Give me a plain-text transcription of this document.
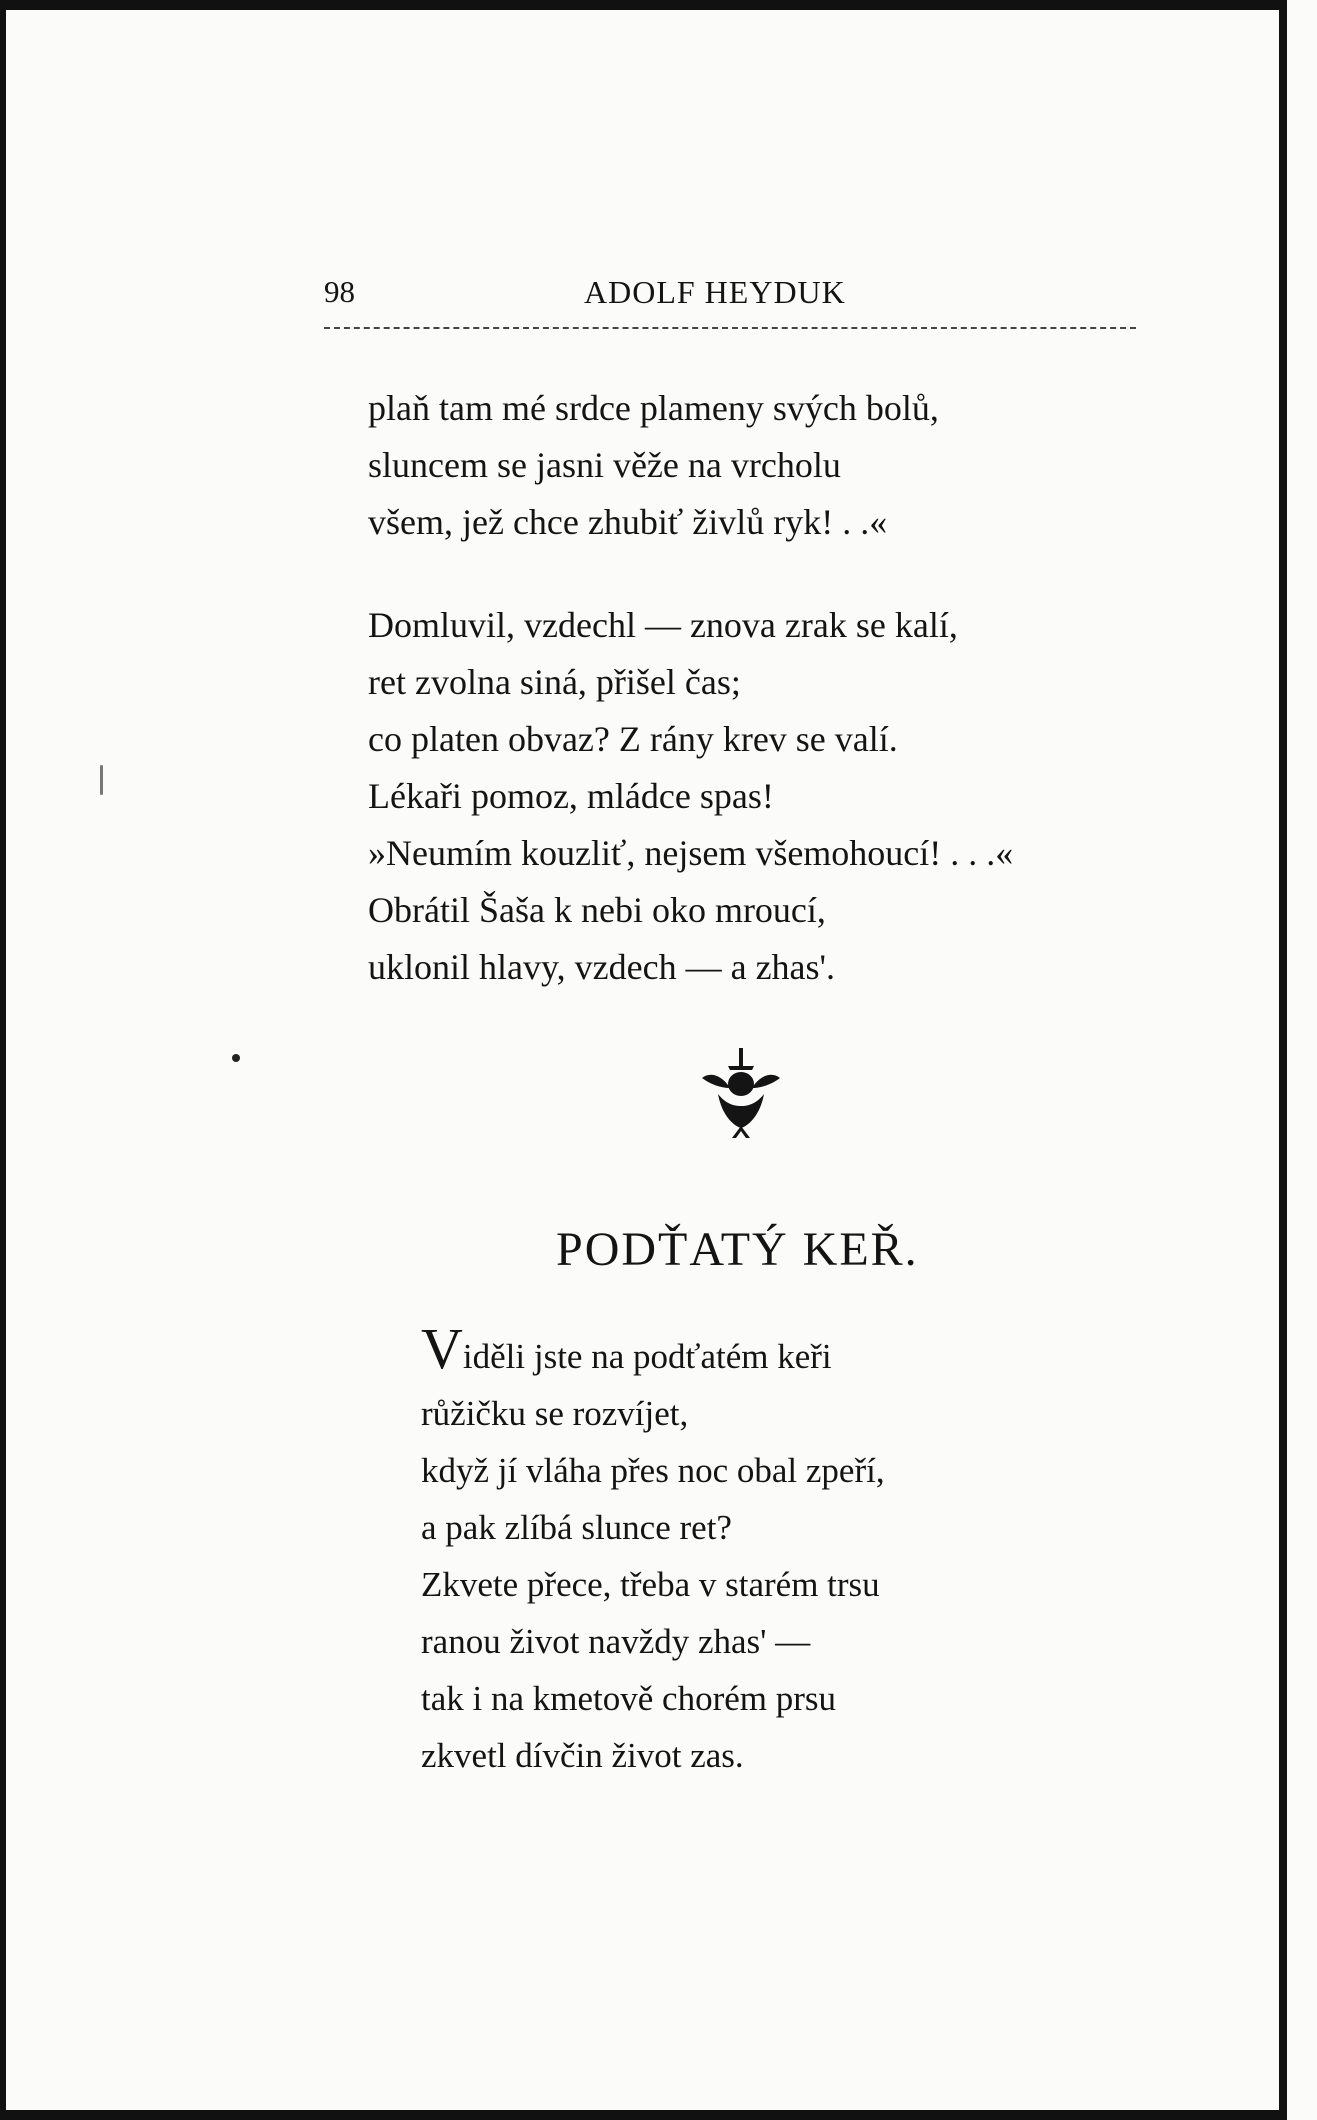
98	ADOLF HEYDUK

plaň tam mé srdce plameny svých bolů,
sluncem se jasni věže na vrcholu
všem, jež chce zhubiť živlů ryk! . .«

Domluvil, vzdechl — znova zrak se kalí,
ret zvolna siná, přišel čas;
co platen obvaz? Z rány krev se valí.
Lékaři pomoz, mládce spas!
»Neumím kouzliť, nejsem všemohoucí! . . .«
Obrátil Šaša k nebi oko mroucí,
uklonil hlavy, vzdech — a zhas'.

PODŤATÝ KEŘ.

Viděli jste na podťatém keři
růžičku se rozvíjet,
když jí vláha přes noc obal zpeří,
a pak zlíbá slunce ret?
Zkvete přece, třeba v starém trsu
ranou život navždy zhas' —
tak i na kmetově chorém prsu
zkvetl dívčin život zas.
